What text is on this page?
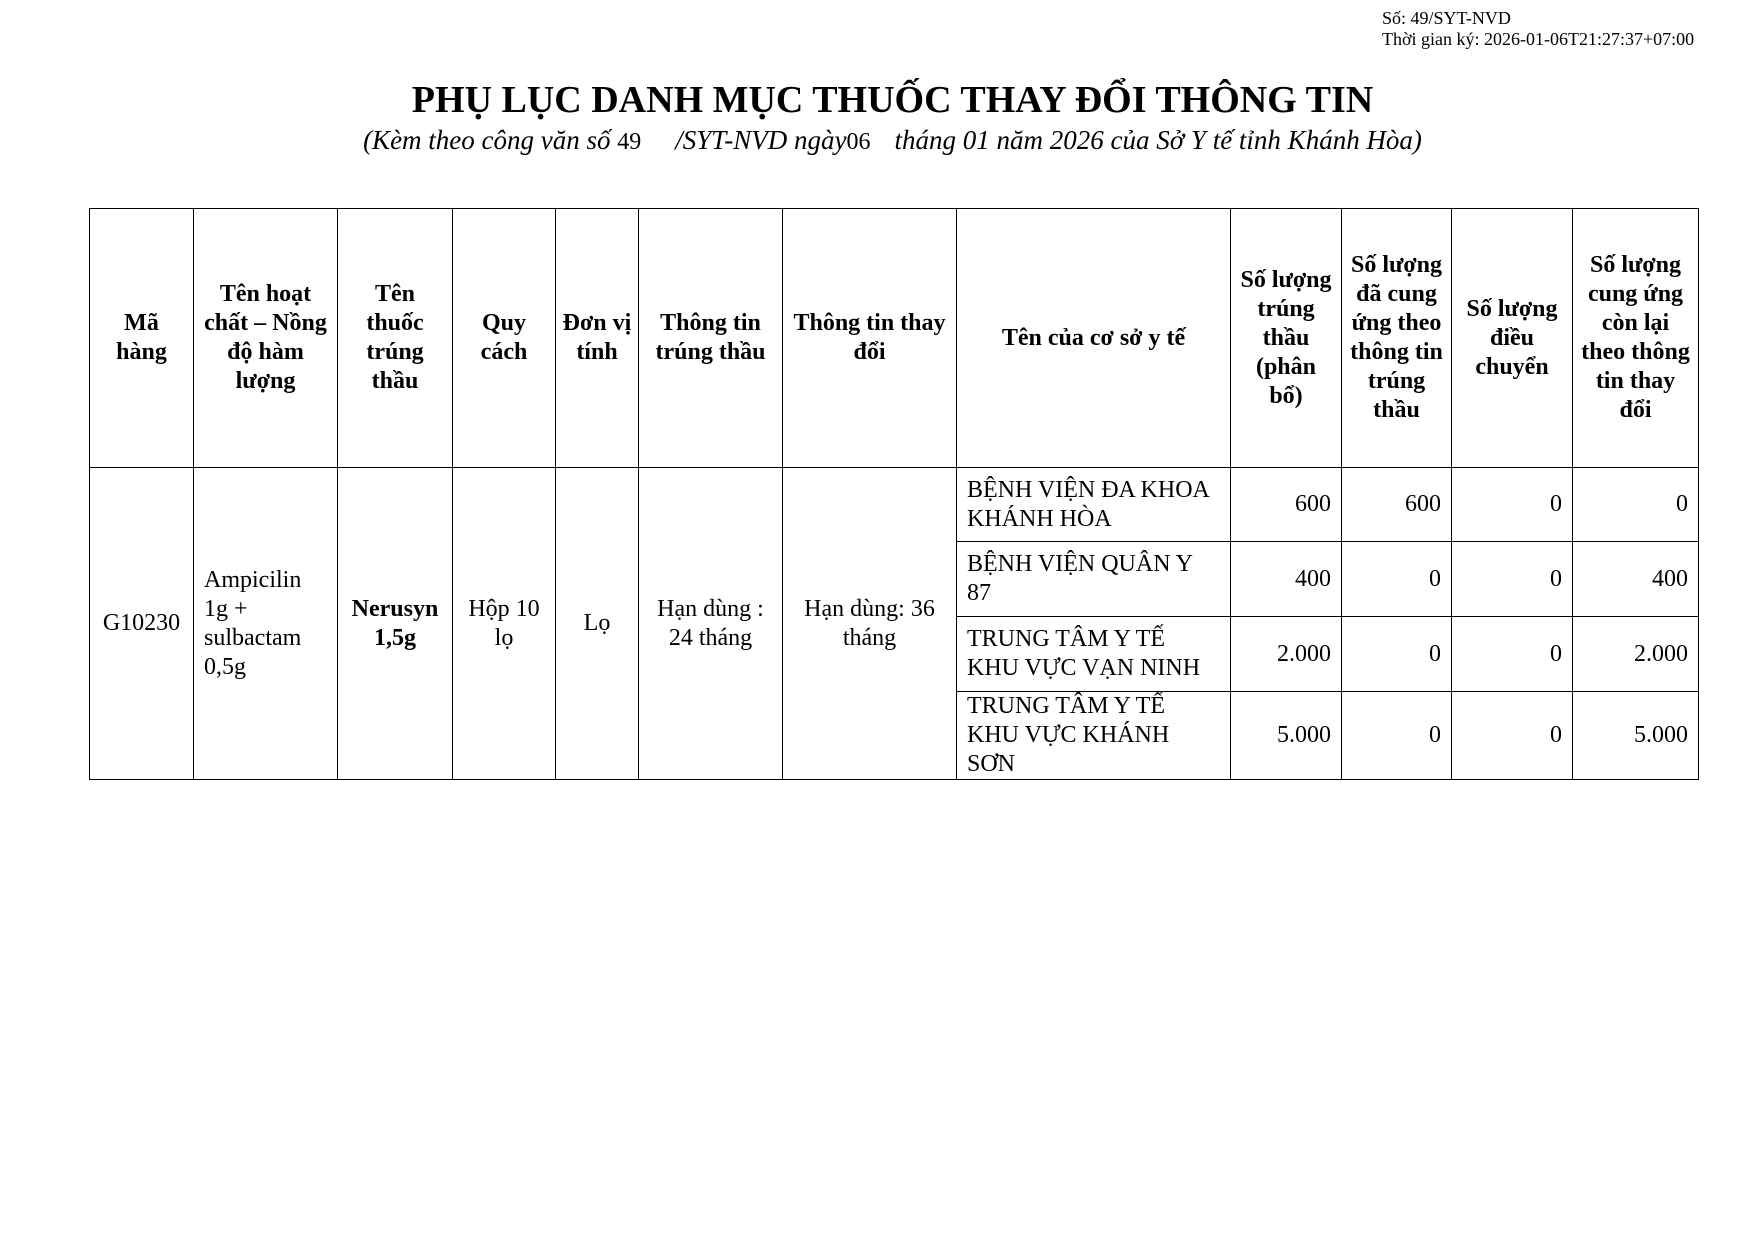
Số: 49/SYT-NVD
Thời gian ký: 2026-01-06T21:27:37+07:00
PHỤ LỤC DANH MỤC THUỐC THAY ĐỔI THÔNG TIN
(Kèm theo công văn số 49 /SYT-NVD ngày06 tháng 01 năm 2026 của Sở Y tế tỉnh Khánh Hòa)
Mã hàng	Tên hoạt chất – Nồng độ hàm lượng	Tên thuốc trúng thầu	Quy cách	Đơn vị tính	Thông tin trúng thầu	Thông tin thay đổi	Tên của cơ sở y tế	Số lượng trúng thầu (phân bổ)	Số lượng đã cung ứng theo thông tin trúng thầu	Số lượng điều chuyển	Số lượng cung ứng còn lại theo thông tin thay đổi
G10230	Ampicilin 1g + sulbactam 0,5g	Nerusyn 1,5g	Hộp 10 lọ	Lọ	Hạn dùng : 24 tháng	Hạn dùng: 36 tháng	BỆNH VIỆN ĐA KHOA KHÁNH HÒA	600	600	0	0
							BỆNH VIỆN QUÂN Y 87	400	0	0	400
							TRUNG TÂM Y TẾ KHU VỰC VẠN NINH	2.000	0	0	2.000
							TRUNG TÂM Y TẾ KHU VỰC KHÁNH SƠN	5.000	0	0	5.000
